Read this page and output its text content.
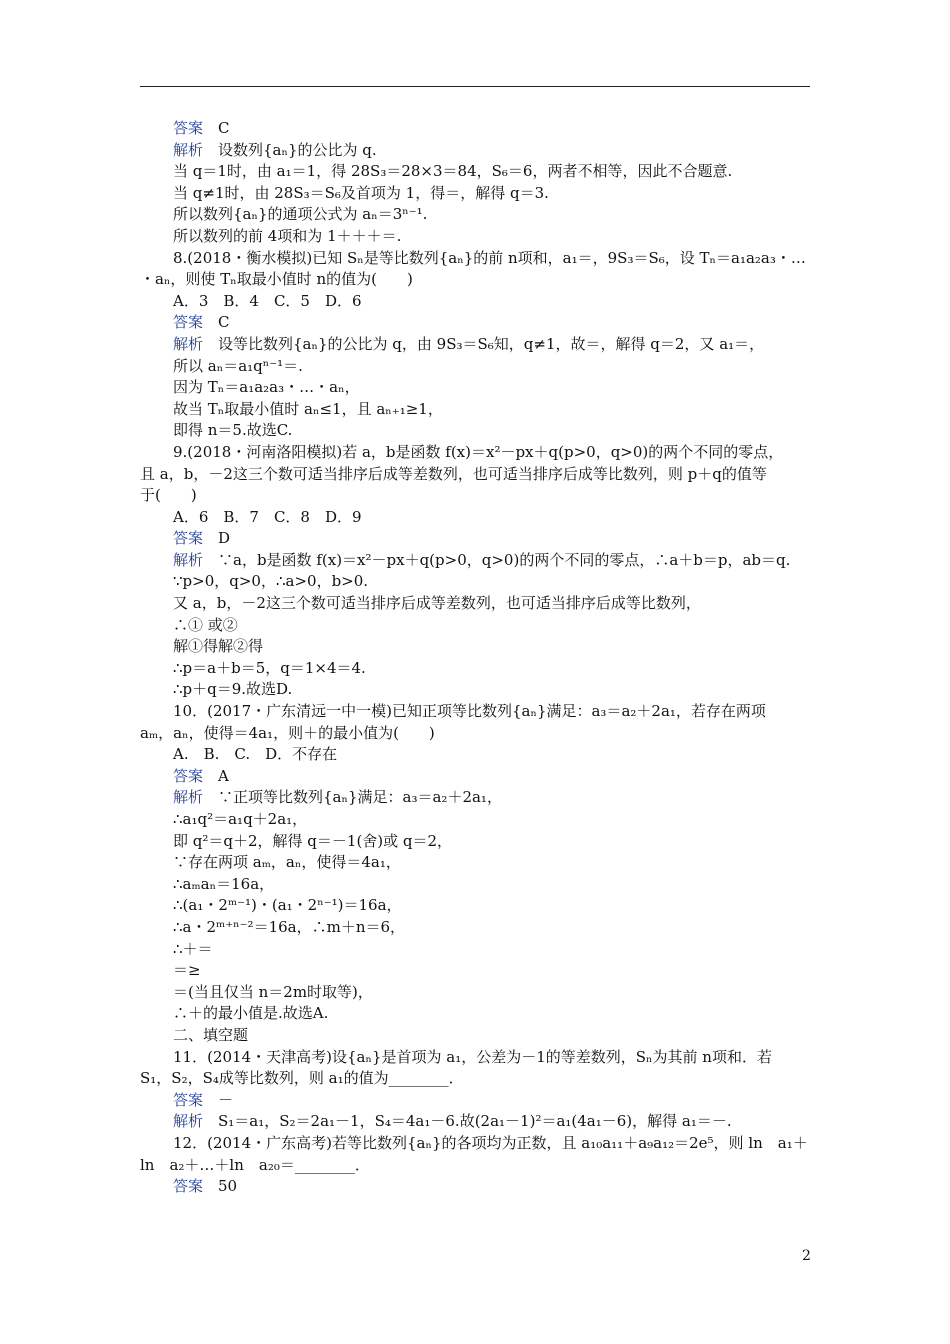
答案　C
解析　设数列{aₙ}的公比为 q.
当 q＝1时，由 a₁＝1，得 28S₃＝28×3＝84，S₆＝6，两者不相等，因此不合题意.
当 q≠1时，由 28S₃＝S₆及首项为 1，得＝，解得 q＝3.
所以数列{aₙ}的通项公式为 aₙ＝3ⁿ⁻¹.
所以数列的前 4项和为 1＋＋＋＝.
8.(2018・衡水模拟)已知 Sₙ是等比数列{aₙ}的前 n项和，a₁＝，9S₃＝S₆，设 Tₙ＝a₁a₂a₃・…
・aₙ，则使 Tₙ取最小值时 n的值为(　　)
A．3　B．4　C．5　D．6
答案　C
解析　设等比数列{aₙ}的公比为 q，由 9S₃＝S₆知，q≠1，故＝，解得 q＝2，又 a₁＝，
所以 aₙ＝a₁qⁿ⁻¹＝.
因为 Tₙ＝a₁a₂a₃・…・aₙ，
故当 Tₙ取最小值时 aₙ≤1，且 aₙ₊₁≥1，
即得 n＝5.故选C.
9.(2018・河南洛阳模拟)若 a，b是函数 f(x)＝x²－px＋q(p>0，q>0)的两个不同的零点，
且 a，b，－2这三个数可适当排序后成等差数列，也可适当排序后成等比数列，则 p＋q的值等
于(　　)
A．6　B．7　C．8　D．9
答案　D
解析　∵a，b是函数 f(x)＝x²－px＋q(p>0，q>0)的两个不同的零点，∴a＋b＝p，ab＝q.
∵p>0，q>0，∴a>0，b>0.
又 a，b，－2这三个数可适当排序后成等差数列，也可适当排序后成等比数列，
∴① 或②
解①得解②得
∴p＝a＋b＝5，q＝1×4＝4.
∴p＋q＝9.故选D.
10．(2017・广东清远一中一模)已知正项等比数列{aₙ}满足：a₃＝a₂＋2a₁，若存在两项
aₘ，aₙ，使得＝4a₁，则＋的最小值为(　　)
A.　B.　C.　D．不存在
答案　A
解析　∵正项等比数列{aₙ}满足：a₃＝a₂＋2a₁，
∴a₁q²＝a₁q＋2a₁，
即 q²＝q＋2，解得 q＝－1(舍)或 q＝2，
∵存在两项 aₘ，aₙ，使得＝4a₁，
∴aₘaₙ＝16a，
∴(a₁・2ᵐ⁻¹)・(a₁・2ⁿ⁻¹)＝16a，
∴a・2ᵐ⁺ⁿ⁻²＝16a，∴m＋n＝6，
∴＋＝
＝≥
＝(当且仅当 n＝2m时取等)，
∴＋的最小值是.故选A.
二、填空题
11．(2014・天津高考)设{aₙ}是首项为 a₁，公差为－1的等差数列，Sₙ为其前 n项和．若
S₁，S₂，S₄成等比数列，则 a₁的值为________．
答案　－
解析　S₁＝a₁，S₂＝2a₁－1，S₄＝4a₁－6.故(2a₁－1)²＝a₁(4a₁－6)，解得 a₁＝－.
12．(2014・广东高考)若等比数列{aₙ}的各项均为正数，且 a₁₀a₁₁＋a₉a₁₂＝2e⁵，则 ln　a₁＋
ln　a₂＋…＋ln　a₂₀＝________．
答案　50
2
